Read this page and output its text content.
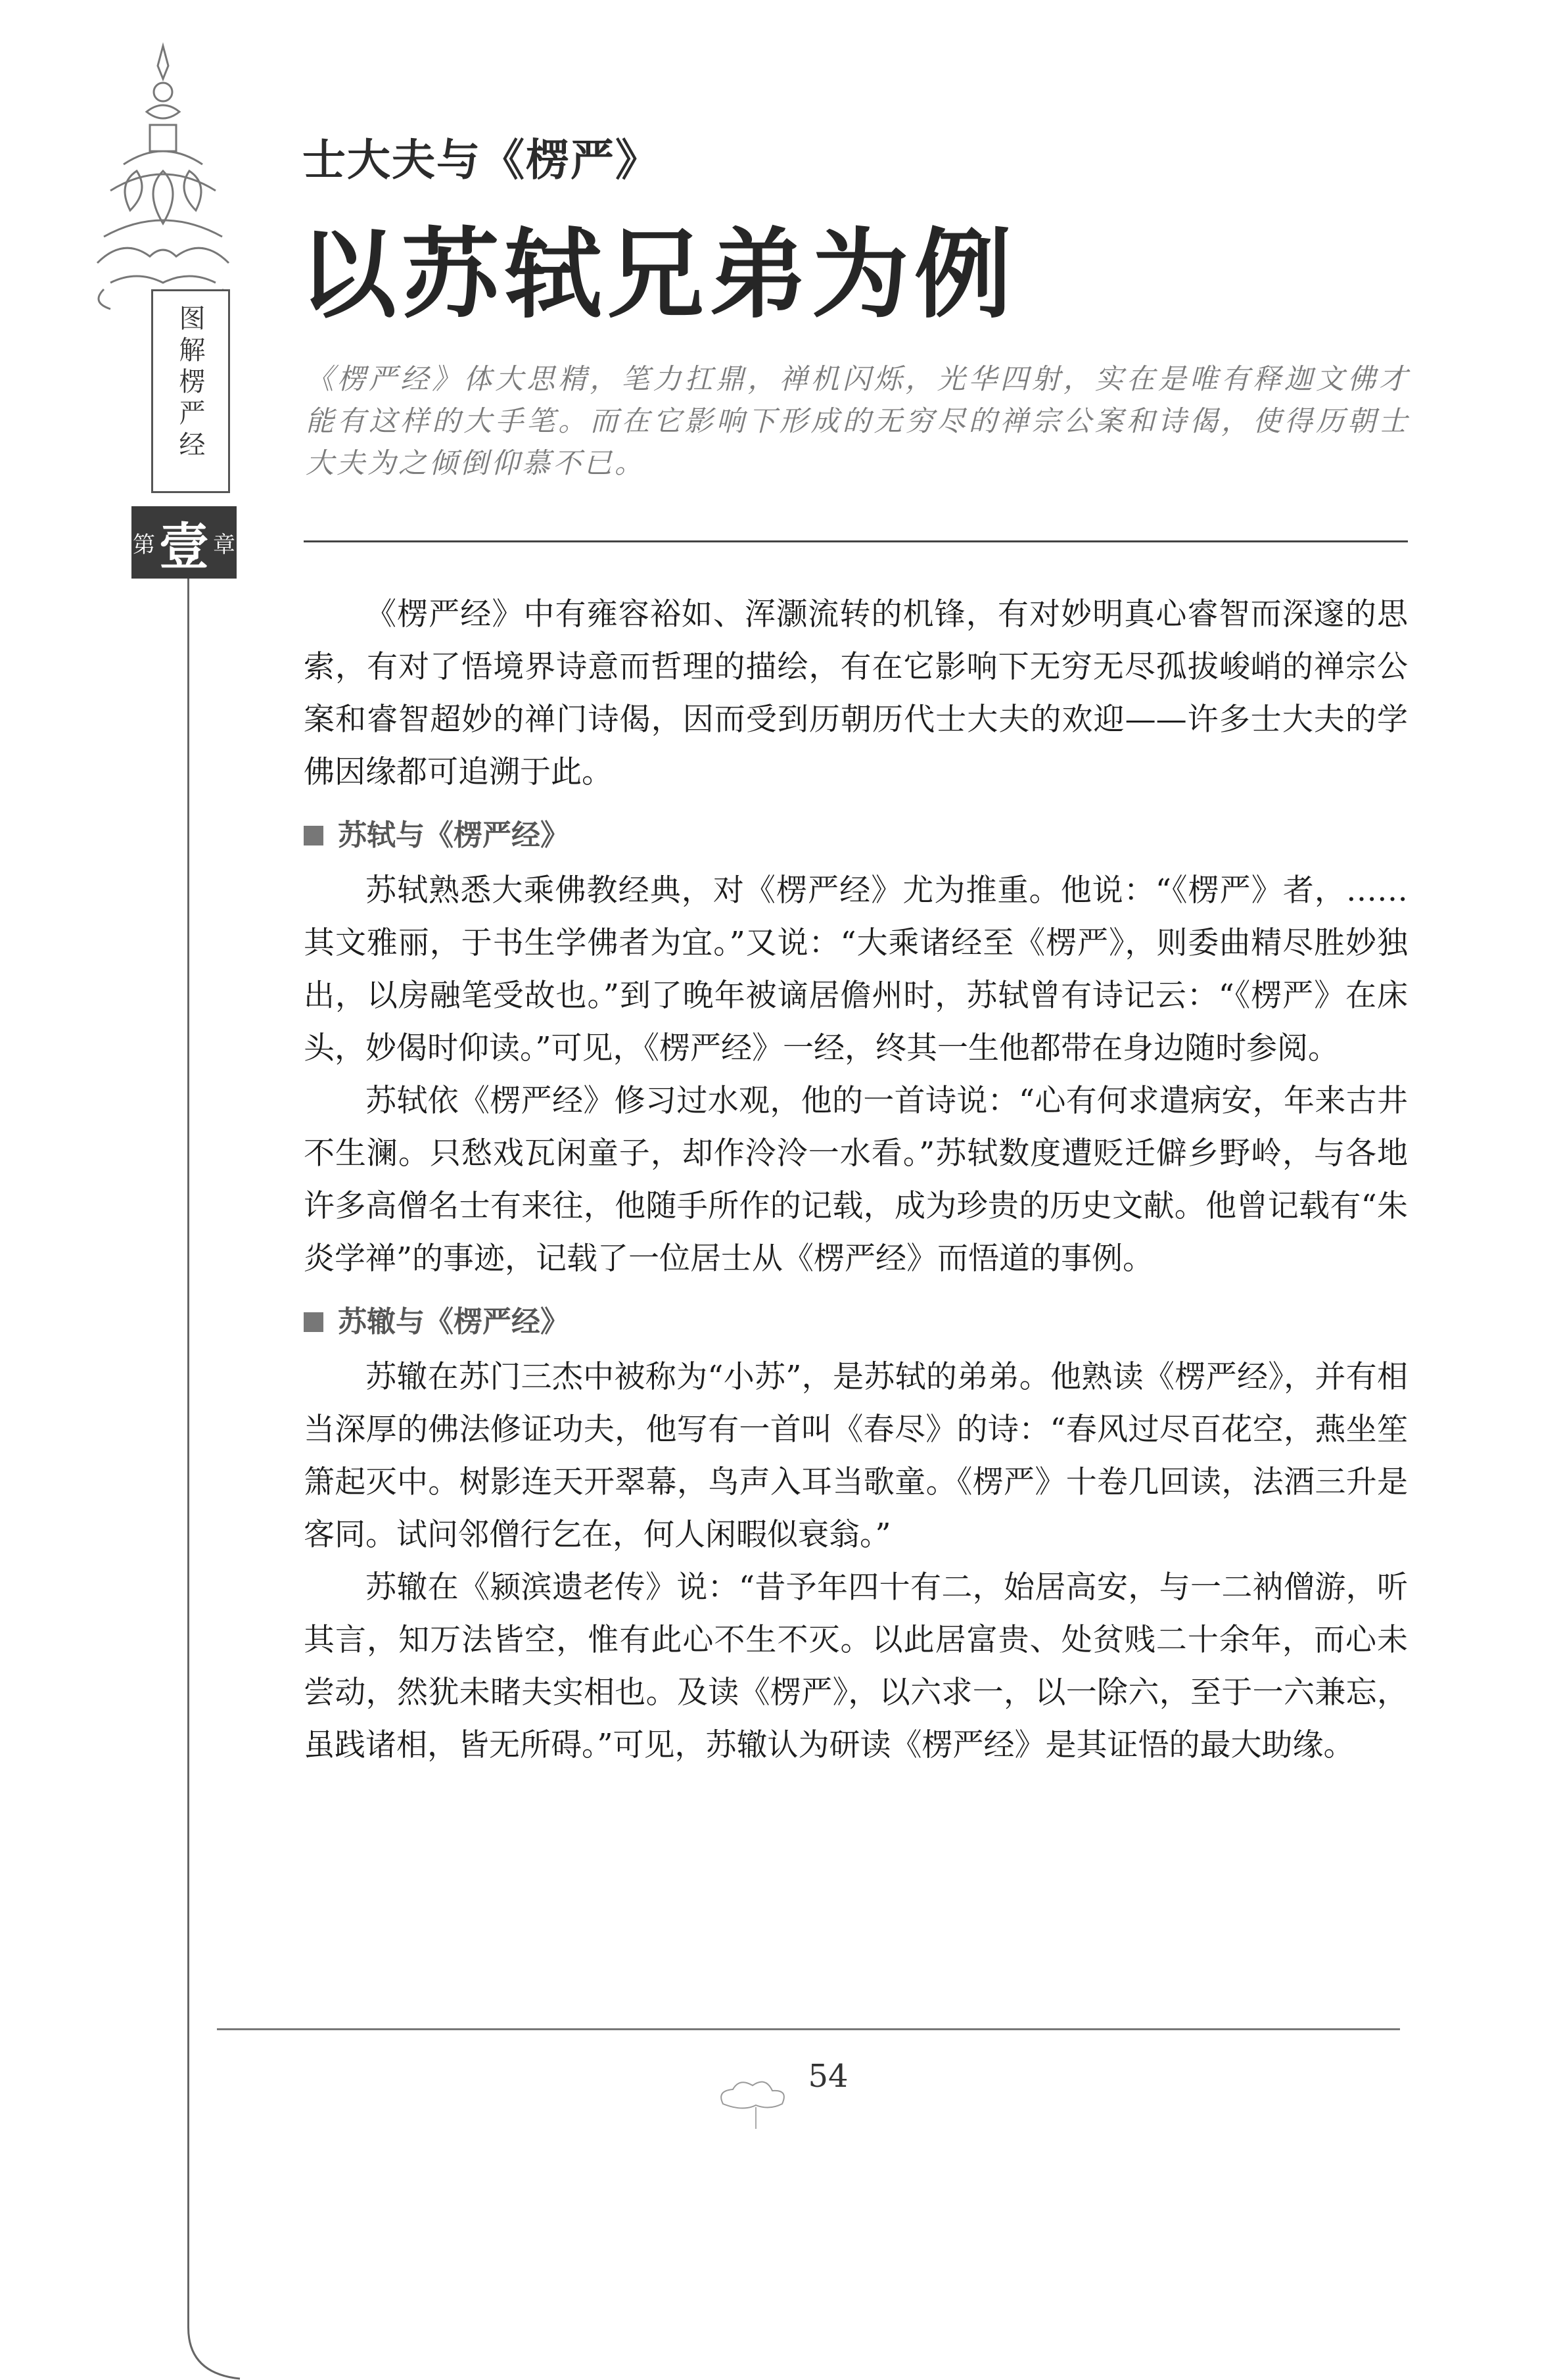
图解楞严经
第 壹 章
士大夫与《楞严》
以苏轼兄弟为例
《楞严经》体大思精，笔力扛鼎，禅机闪烁，光华四射，实在是唯有释迦文佛才能有这样的大手笔。而在它影响下形成的无穷尽的禅宗公案和诗偈，使得历朝士大夫为之倾倒仰慕不已。

《楞严经》中有雍容裕如、浑灏流转的机锋，有对妙明真心睿智而深邃的思索，有对了悟境界诗意而哲理的描绘，有在它影响下无穷无尽孤拔峻峭的禅宗公案和睿智超妙的禅门诗偈，因而受到历朝历代士大夫的欢迎——许多士大夫的学佛因缘都可追溯于此。

苏轼与《楞严经》

苏轼熟悉大乘佛教经典，对《楞严经》尤为推重。他说：“《楞严》者，……其文雅丽，于书生学佛者为宜。”又说：“大乘诸经至《楞严》，则委曲精尽胜妙独出，以房融笔受故也。”到了晚年被谪居儋州时，苏轼曾有诗记云：“《楞严》在床头，妙偈时仰读。”可见，《楞严经》一经，终其一生他都带在身边随时参阅。

苏轼依《楞严经》修习过水观，他的一首诗说：“心有何求遣病安，年来古井不生澜。只愁戏瓦闲童子，却作泠泠一水看。”苏轼数度遭贬迁僻乡野岭，与各地许多高僧名士有来往，他随手所作的记载，成为珍贵的历史文献。他曾记载有“朱炎学禅”的事迹，记载了一位居士从《楞严经》而悟道的事例。

苏辙与《楞严经》

苏辙在苏门三杰中被称为“小苏”，是苏轼的弟弟。他熟读《楞严经》，并有相当深厚的佛法修证功夫，他写有一首叫《春尽》的诗：“春风过尽百花空，燕坐笙箫起灭中。树影连天开翠幕，鸟声入耳当歌童。《楞严》十卷几回读，法酒三升是客同。试问邻僧行乞在，何人闲暇似衰翁。”

苏辙在《颍滨遗老传》说：“昔予年四十有二，始居高安，与一二衲僧游，听其言，知万法皆空，惟有此心不生不灭。以此居富贵、处贫贱二十余年，而心未尝动，然犹未睹夫实相也。及读《楞严》，以六求一，以一除六，至于一六兼忘，虽践诸相，皆无所碍。”可见，苏辙认为研读《楞严经》是其证悟的最大助缘。

54
